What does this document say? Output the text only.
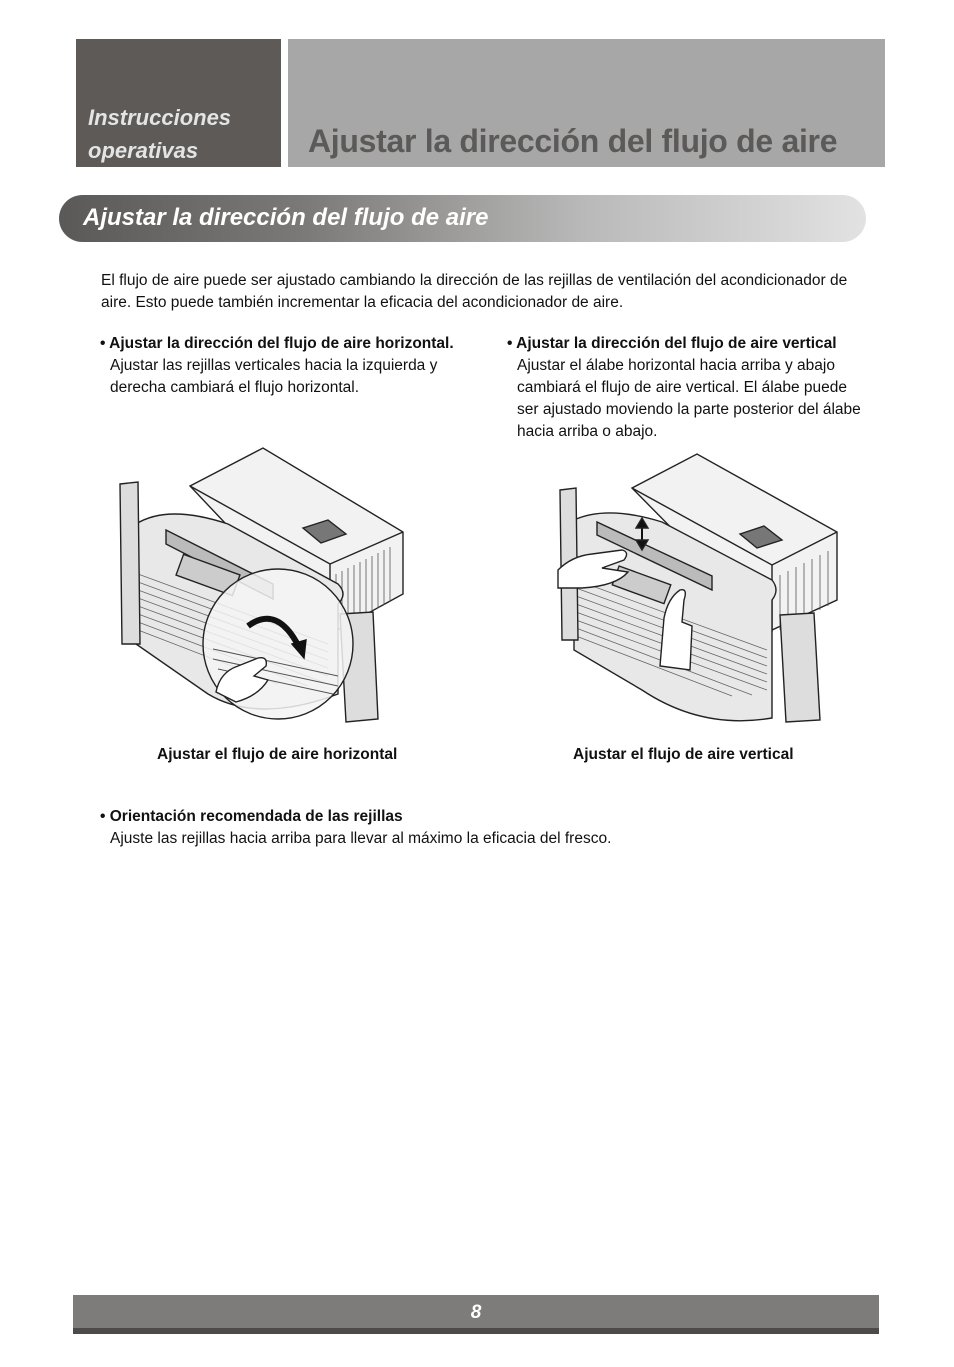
Instrucciones
operativas	Ajustar la dirección del flujo de aire
Ajustar la dirección del flujo de aire
El flujo de aire puede ser ajustado cambiando la dirección de las rejillas de ventilación del acondicionador de
aire. Esto puede también incrementar la eficacia del acondicionador de aire.
• Ajustar la dirección del flujo de aire horizontal.
Ajustar las rejillas verticales hacia la izquierda y
derecha cambiará el flujo horizontal.
• Ajustar la dirección del flujo de aire vertical
Ajustar el álabe horizontal hacia arriba y abajo
cambiará el flujo de aire vertical. El álabe puede
ser ajustado moviendo la parte posterior del álabe
hacia arriba o abajo.
Ajustar el flujo de aire horizontal	Ajustar el flujo de aire vertical
• Orientación recomendada de las rejillas
Ajuste las rejillas hacia arriba para llevar al máximo la eficacia del fresco.
8
